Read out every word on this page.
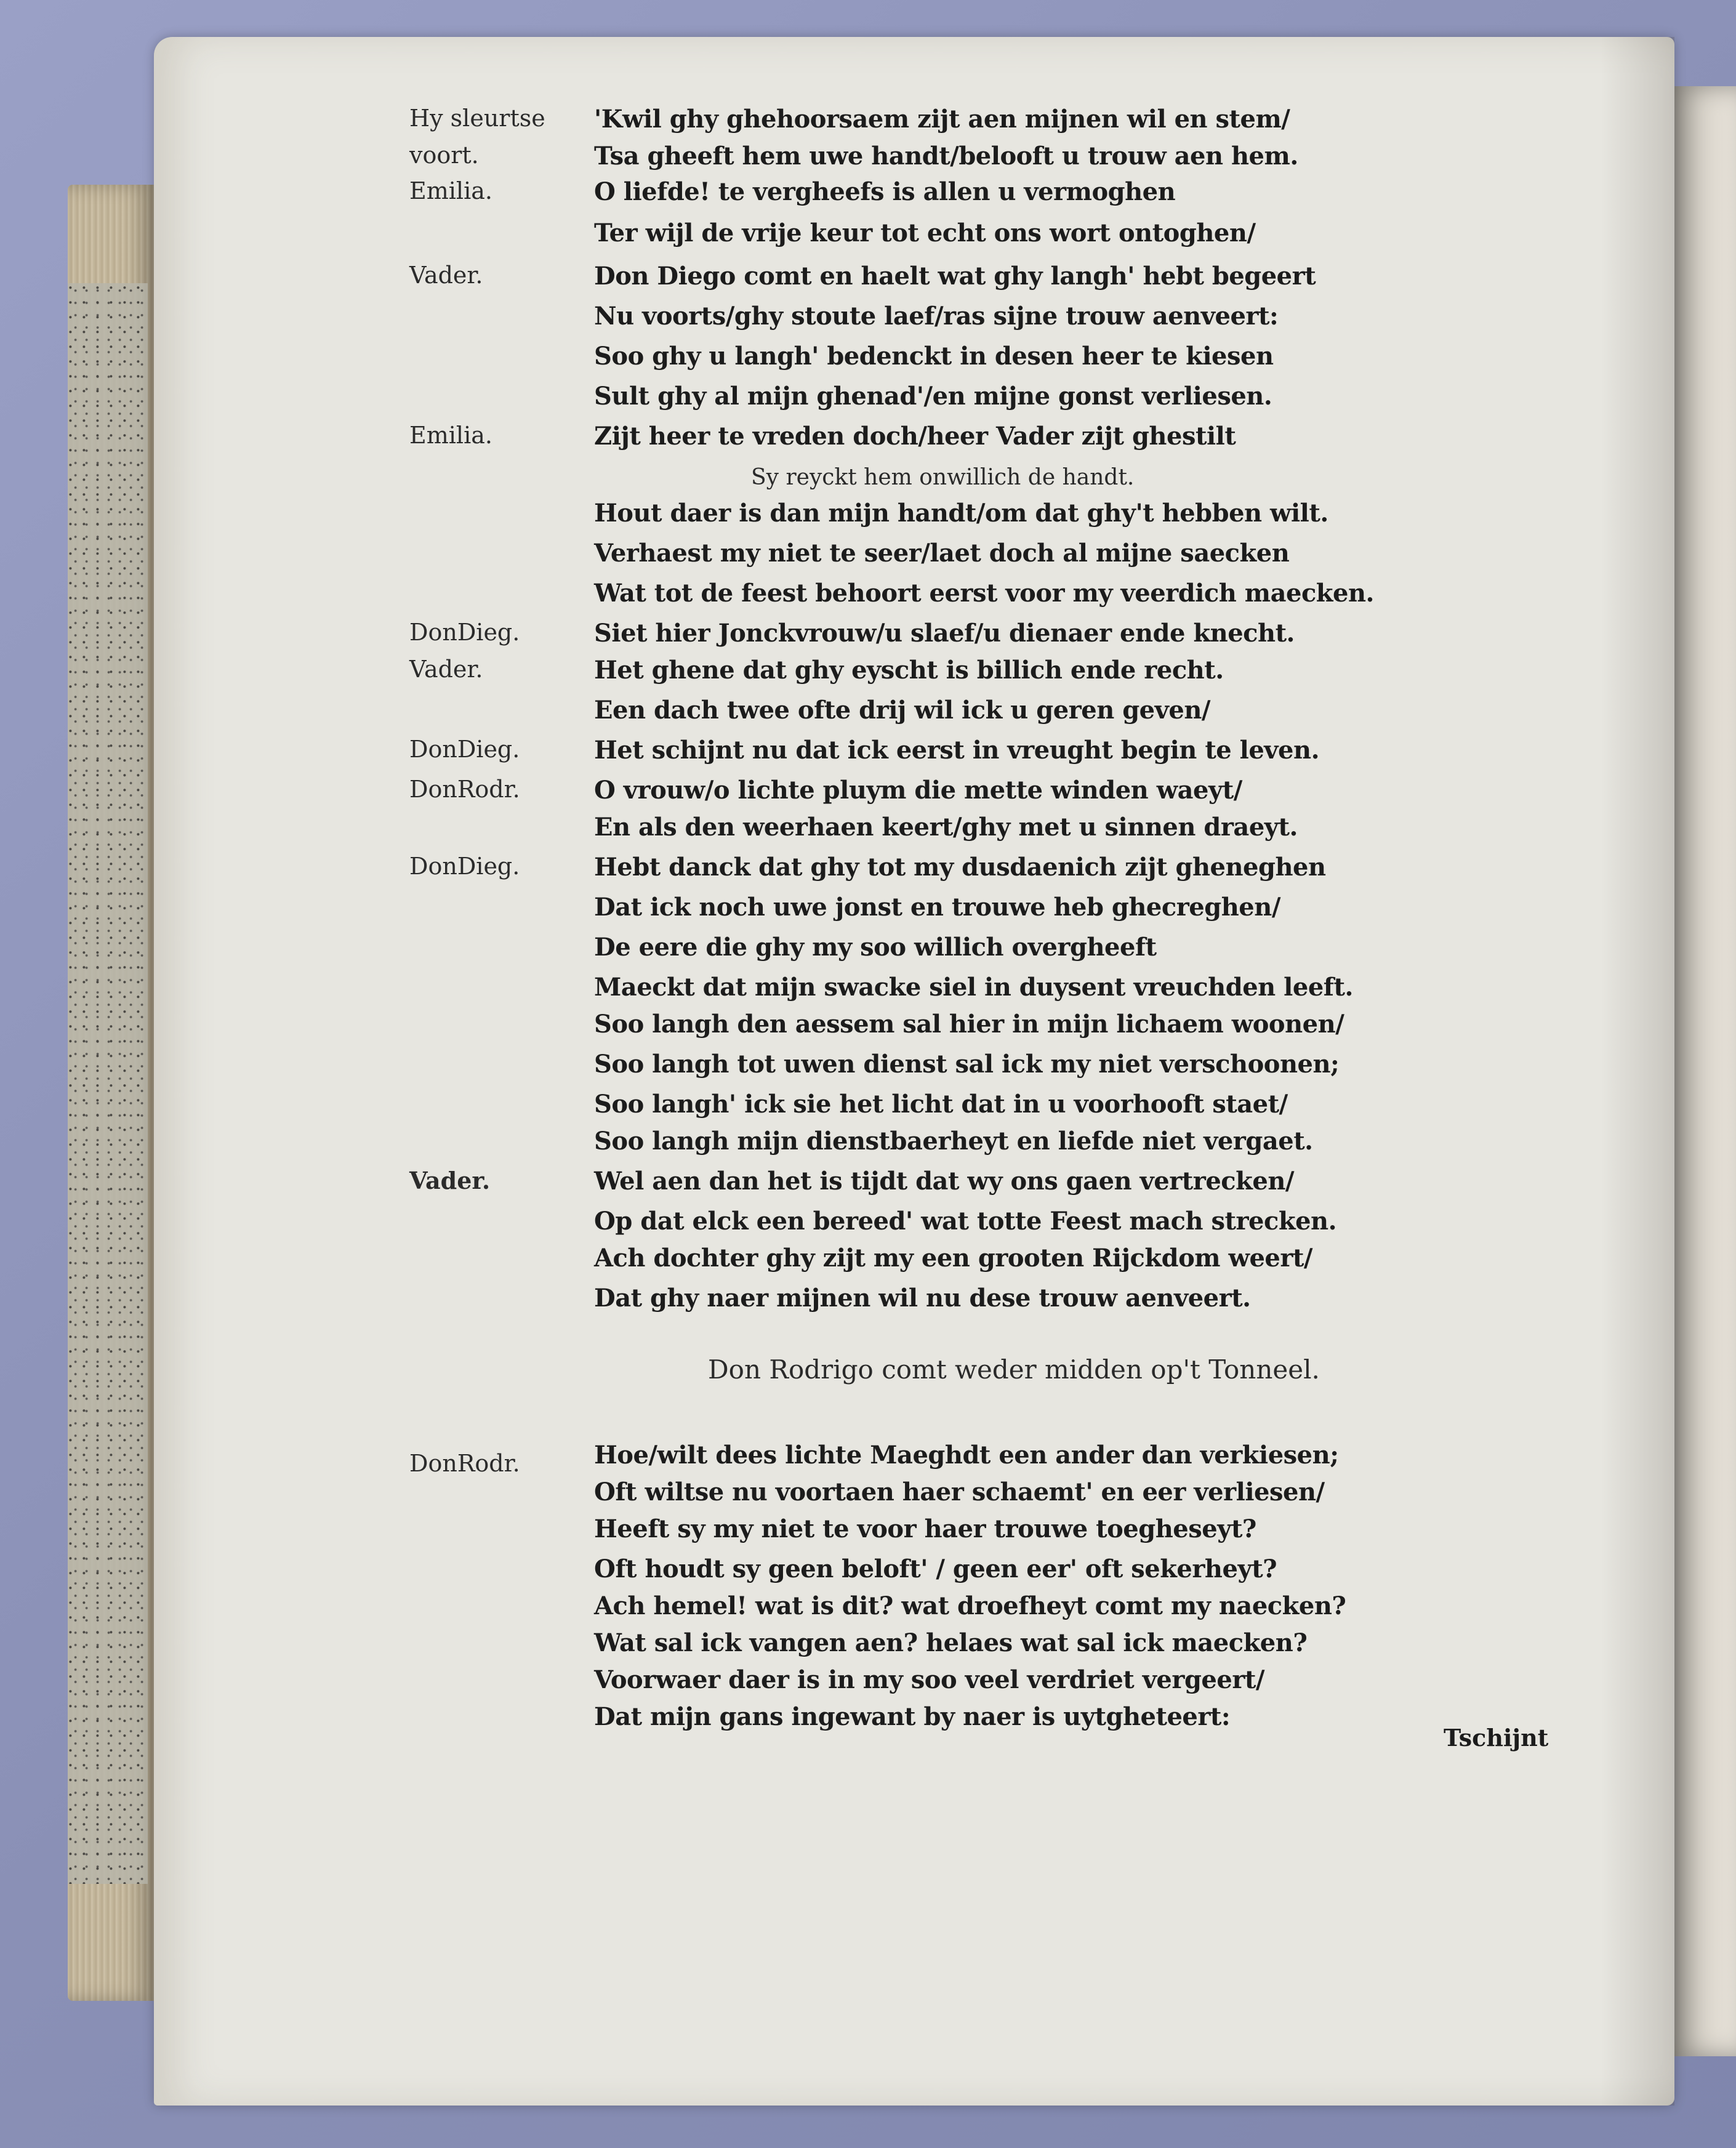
Hy sleurtse
voort.
Emilia.
Vader.
Emilia.
DonDieg.
Vader.
DonDieg.
DonRodr.
DonDieg.
Vader.
DonRodr.
'Kwil ghy ghehoorsaem zijt aen mijnen wil en stem/
Tsa gheeft hem uwe handt/belooft u trouw aen hem.
O liefde! te vergheefs is allen u vermoghen
Ter wijl de vrije keur tot echt ons wort ontoghen/
Don Diego comt en haelt wat ghy langh' hebt begeert
Nu voorts/ghy stoute laef/ras sijne trouw aenveert:
Soo ghy u langh' bedenckt in desen heer te kiesen
Sult ghy al mijn ghenad'/en mijne gonst verliesen.
Zijt heer te vreden doch/heer Vader zijt ghestilt
Sy reyckt hem onwillich de handt.
Hout daer is dan mijn handt/om dat ghy't hebben wilt.
Verhaest my niet te seer/laet doch al mijne saecken
Wat tot de feest behoort eerst voor my veerdich maecken.
Siet hier Jonckvrouw/u slaef/u dienaer ende knecht.
Het ghene dat ghy eyscht is billich ende recht.
Een dach twee ofte drij wil ick u geren geven/
Het schijnt nu dat ick eerst in vreught begin te leven.
O vrouw/o lichte pluym die mette winden waeyt/
En als den weerhaen keert/ghy met u sinnen draeyt.
Hebt danck dat ghy tot my dusdaenich zijt gheneghen
Dat ick noch uwe jonst en trouwe heb ghecreghen/
De eere die ghy my soo willich overgheeft
Maeckt dat mijn swacke siel in duysent vreuchden leeft.
Soo langh den aessem sal hier in mijn lichaem woonen/
Soo langh tot uwen dienst sal ick my niet verschoonen;
Soo langh' ick sie het licht dat in u voorhooft staet/
Soo langh mijn dienstbaerheyt en liefde niet vergaet.
Wel aen dan het is tijdt dat wy ons gaen vertrecken/
Op dat elck een bereed' wat totte Feest mach strecken.
Ach dochter ghy zijt my een grooten Rijckdom weert/
Dat ghy naer mijnen wil nu dese trouw aenveert.
Don Rodrigo comt weder midden op't Tonneel.
Hoe/wilt dees lichte Maeghdt een ander dan verkiesen;
Oft wiltse nu voortaen haer schaemt' en eer verliesen/
Heeft sy my niet te voor haer trouwe toegheseyt?
Oft houdt sy geen beloft' / geen eer' oft sekerheyt?
Ach hemel! wat is dit? wat droefheyt comt my naecken?
Wat sal ick vangen aen? helaes wat sal ick maecken?
Voorwaer daer is in my soo veel verdriet vergeert/
Dat mijn gans ingewant by naer is uytgheteert:
Tschijnt
